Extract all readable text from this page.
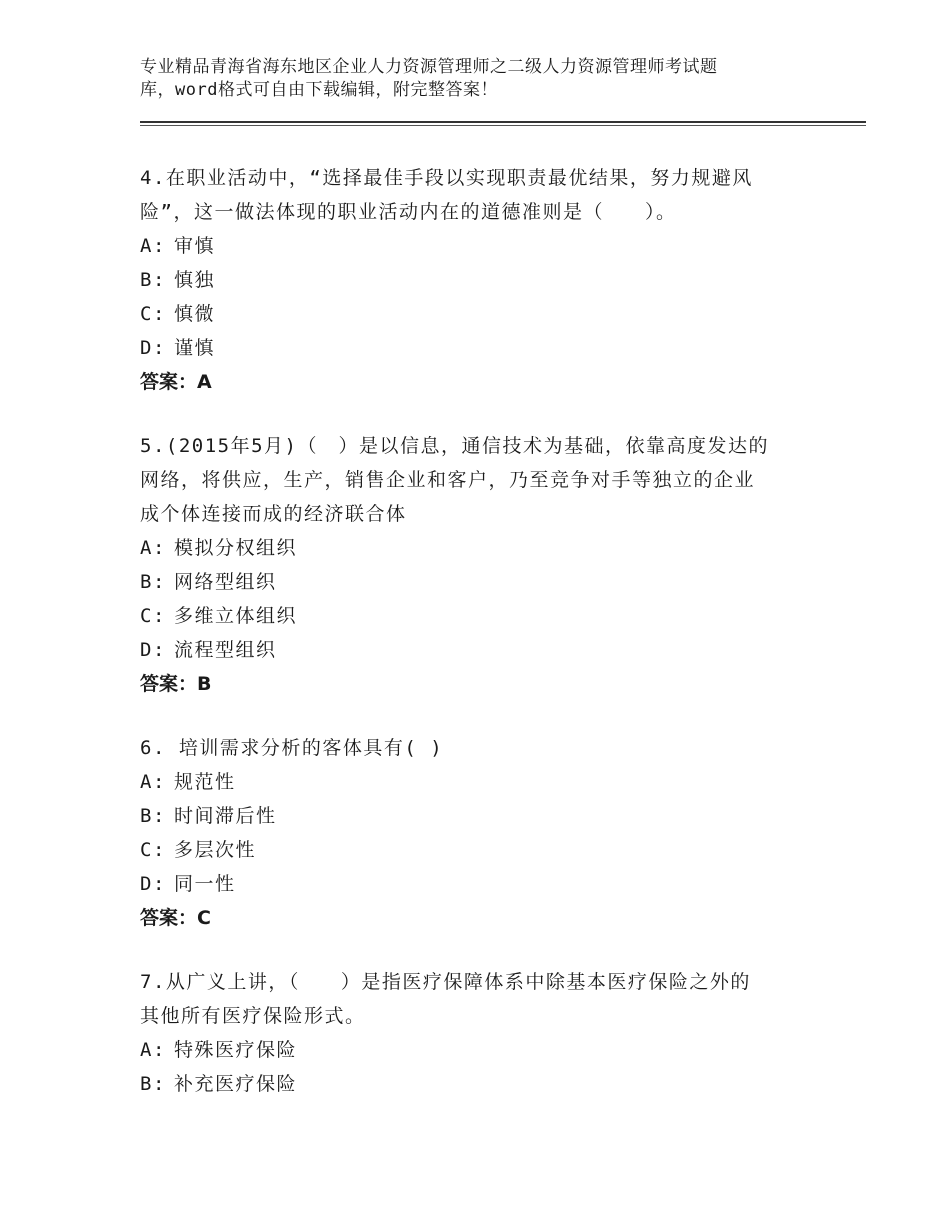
专业精品青海省海东地区企业人力资源管理师之二级人力资源管理师考试题
库，word格式可自由下载编辑，附完整答案！

4.在职业活动中，“选择最佳手段以实现职责最优结果，努力规避风

险”，这一做法体现的职业活动内在的道德准则是（　　）。

A: 审慎
B: 慎独
C: 慎微
D: 谨慎

答案：A

5.(2015年5月)（　）是以信息，通信技术为基础，依靠高度发达的

网络，将供应，生产，销售企业和客户，乃至竞争对手等独立的企业

成个体连接而成的经济联合体

A: 模拟分权组织
B: 网络型组织
C: 多维立体组织
D: 流程型组织

答案：B

6. 培训需求分析的客体具有( )

A: 规范性
B: 时间滞后性
C: 多层次性
D: 同一性

答案：C

7.从广义上讲，（　　）是指医疗保障体系中除基本医疗保险之外的

其他所有医疗保险形式。

A: 特殊医疗保险
B: 补充医疗保险
